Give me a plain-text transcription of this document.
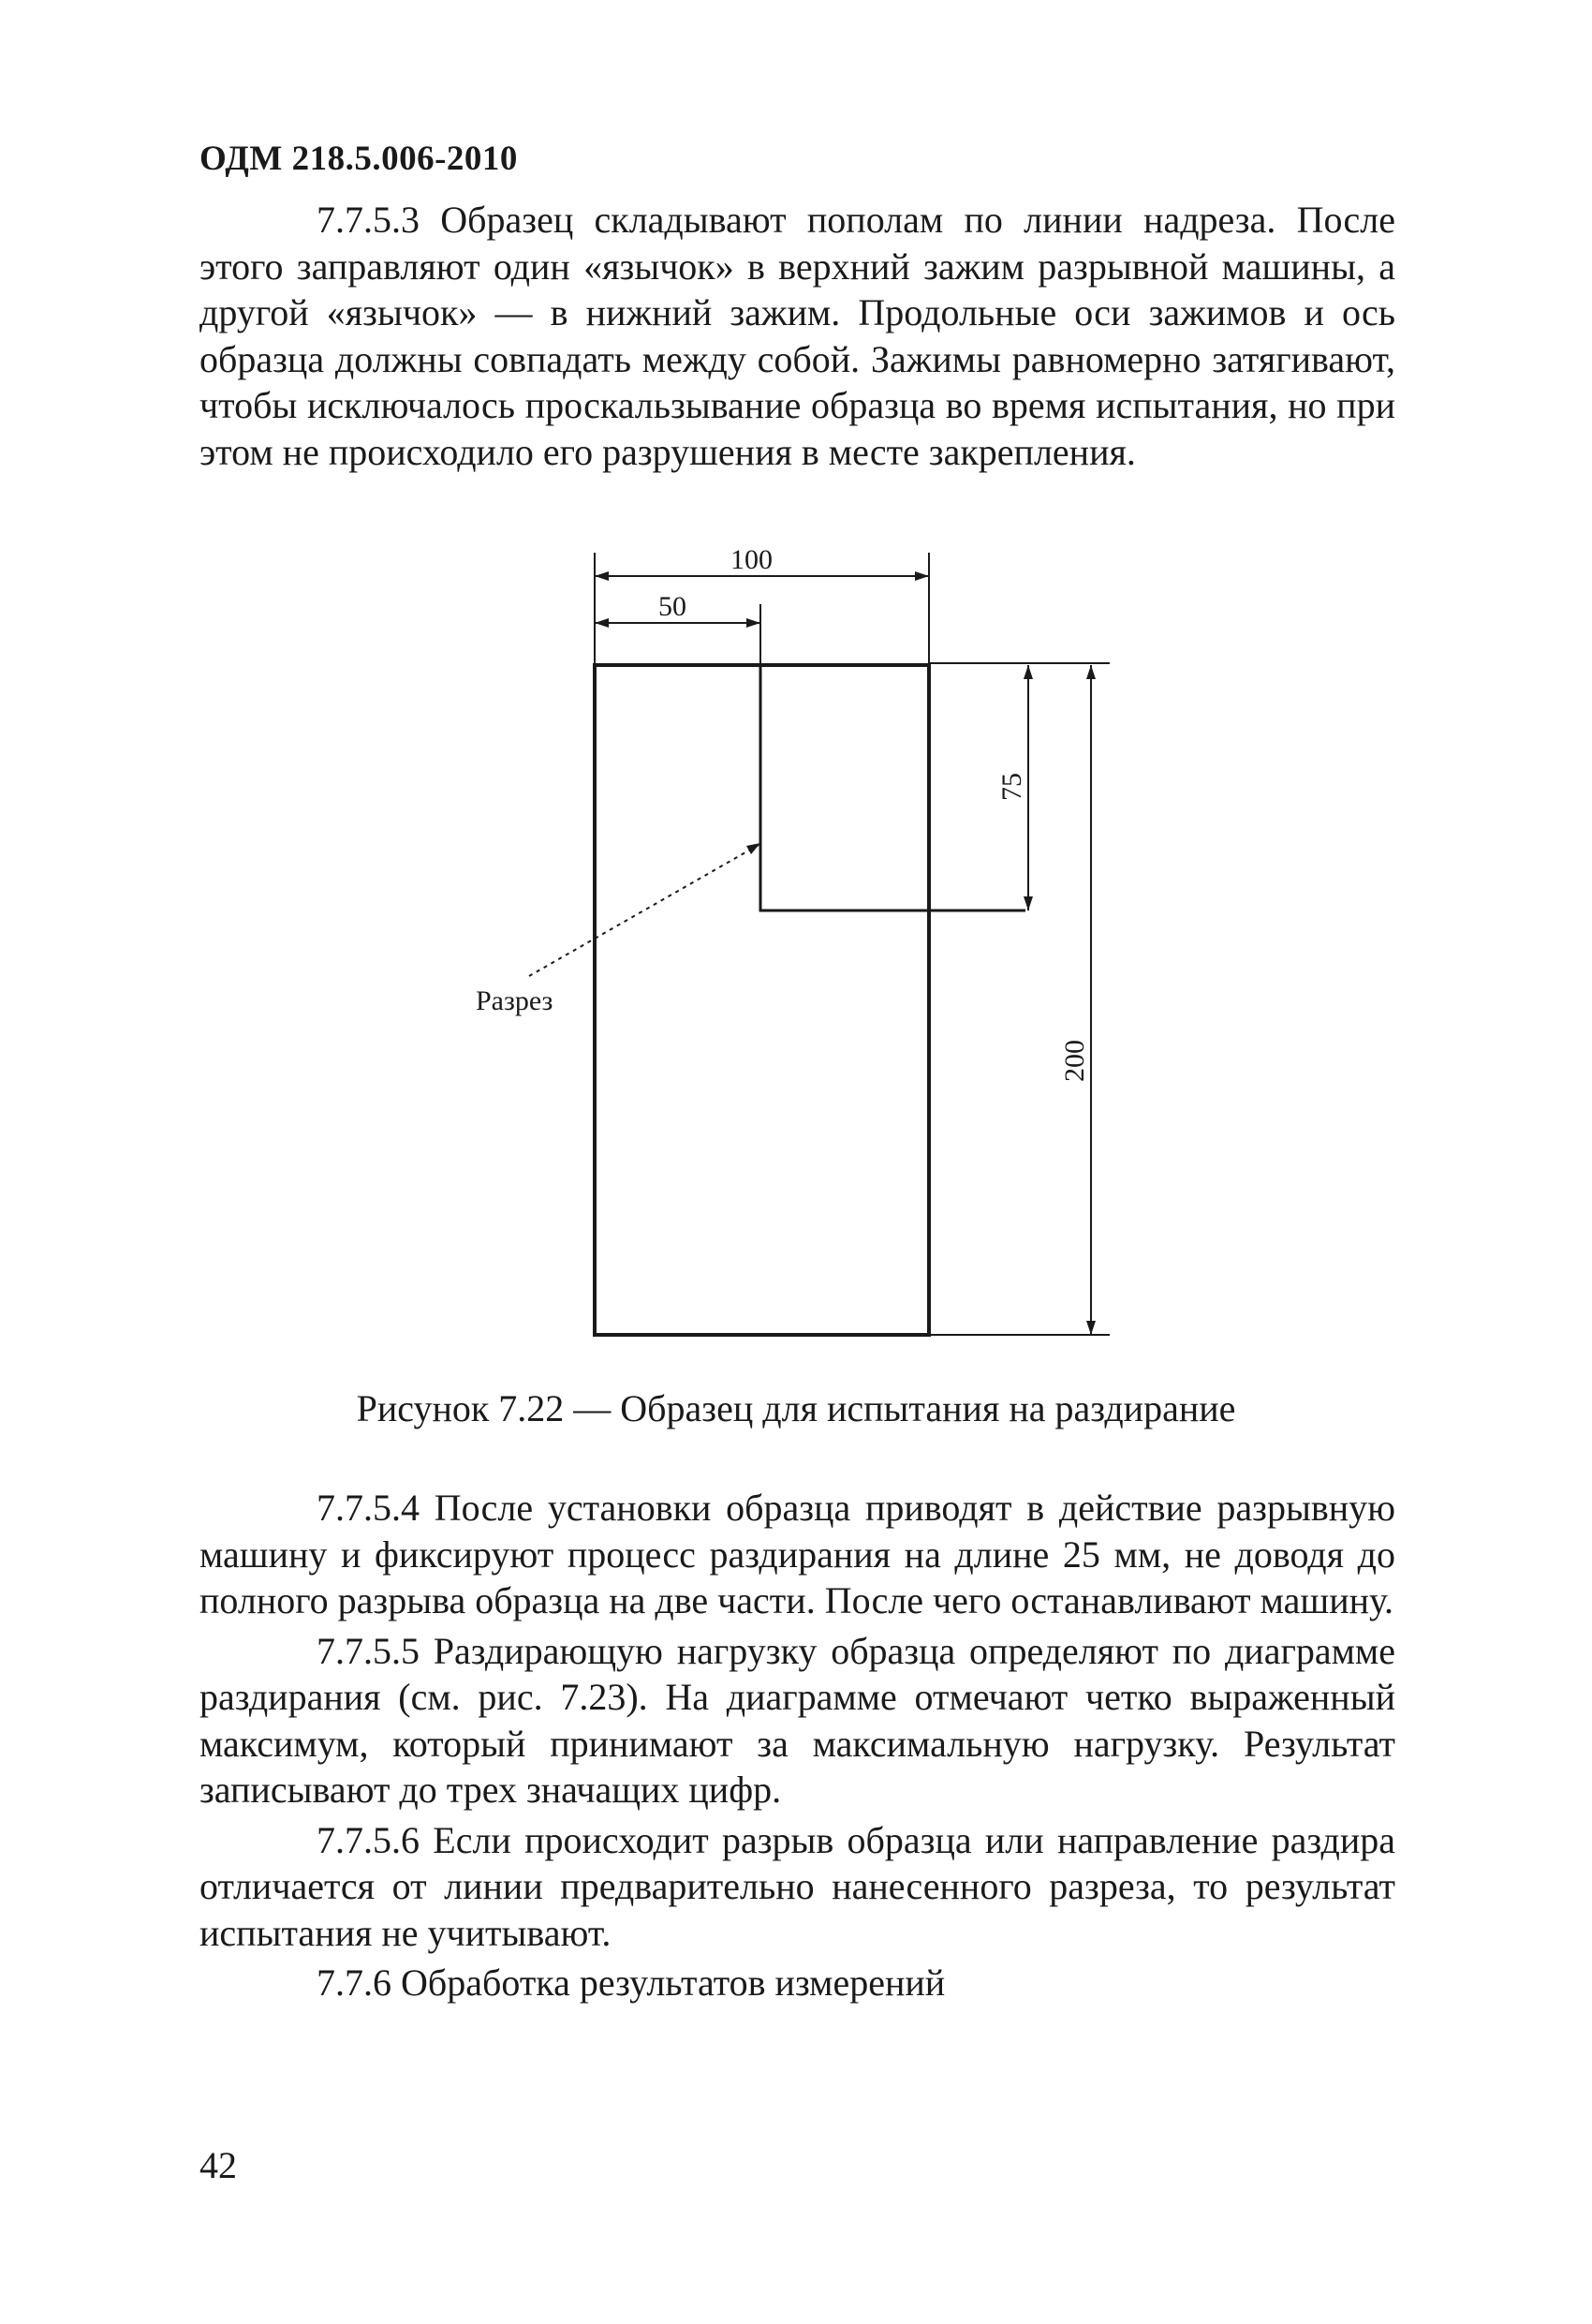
ОДМ 218.5.006-2010

7.7.5.3 Образец складывают пополам по линии надреза. После этого заправляют один «язычок» в верхний зажим разрывной машины, а другой «язычок» — в нижний зажим. Продольные оси зажимов и ось образца должны совпадать между собой. Зажимы равномерно затягивают, чтобы исключалось проскальзывание образца во время испытания, но при этом не происходило его разрушения в месте закрепления.

100
50
75
200
Разрез
Рисунок 7.22 — Образец для испытания на раздирание

7.7.5.4 После установки образца приводят в действие разрывную машину и фиксируют процесс раздирания на длине 25 мм, не доводя до полного разрыва образца на две части. После чего останавливают машину.

7.7.5.5 Раздирающую нагрузку образца определяют по диаграмме раздирания (см. рис. 7.23). На диаграмме отмечают четко выраженный максимум, который принимают за максимальную нагрузку. Результат записывают до трех значащих цифр.

7.7.5.6 Если происходит разрыв образца или направление раздира отличается от линии предварительно нанесенного разреза, то результат испытания не учитывают.

7.7.6 Обработка результатов измерений

42
